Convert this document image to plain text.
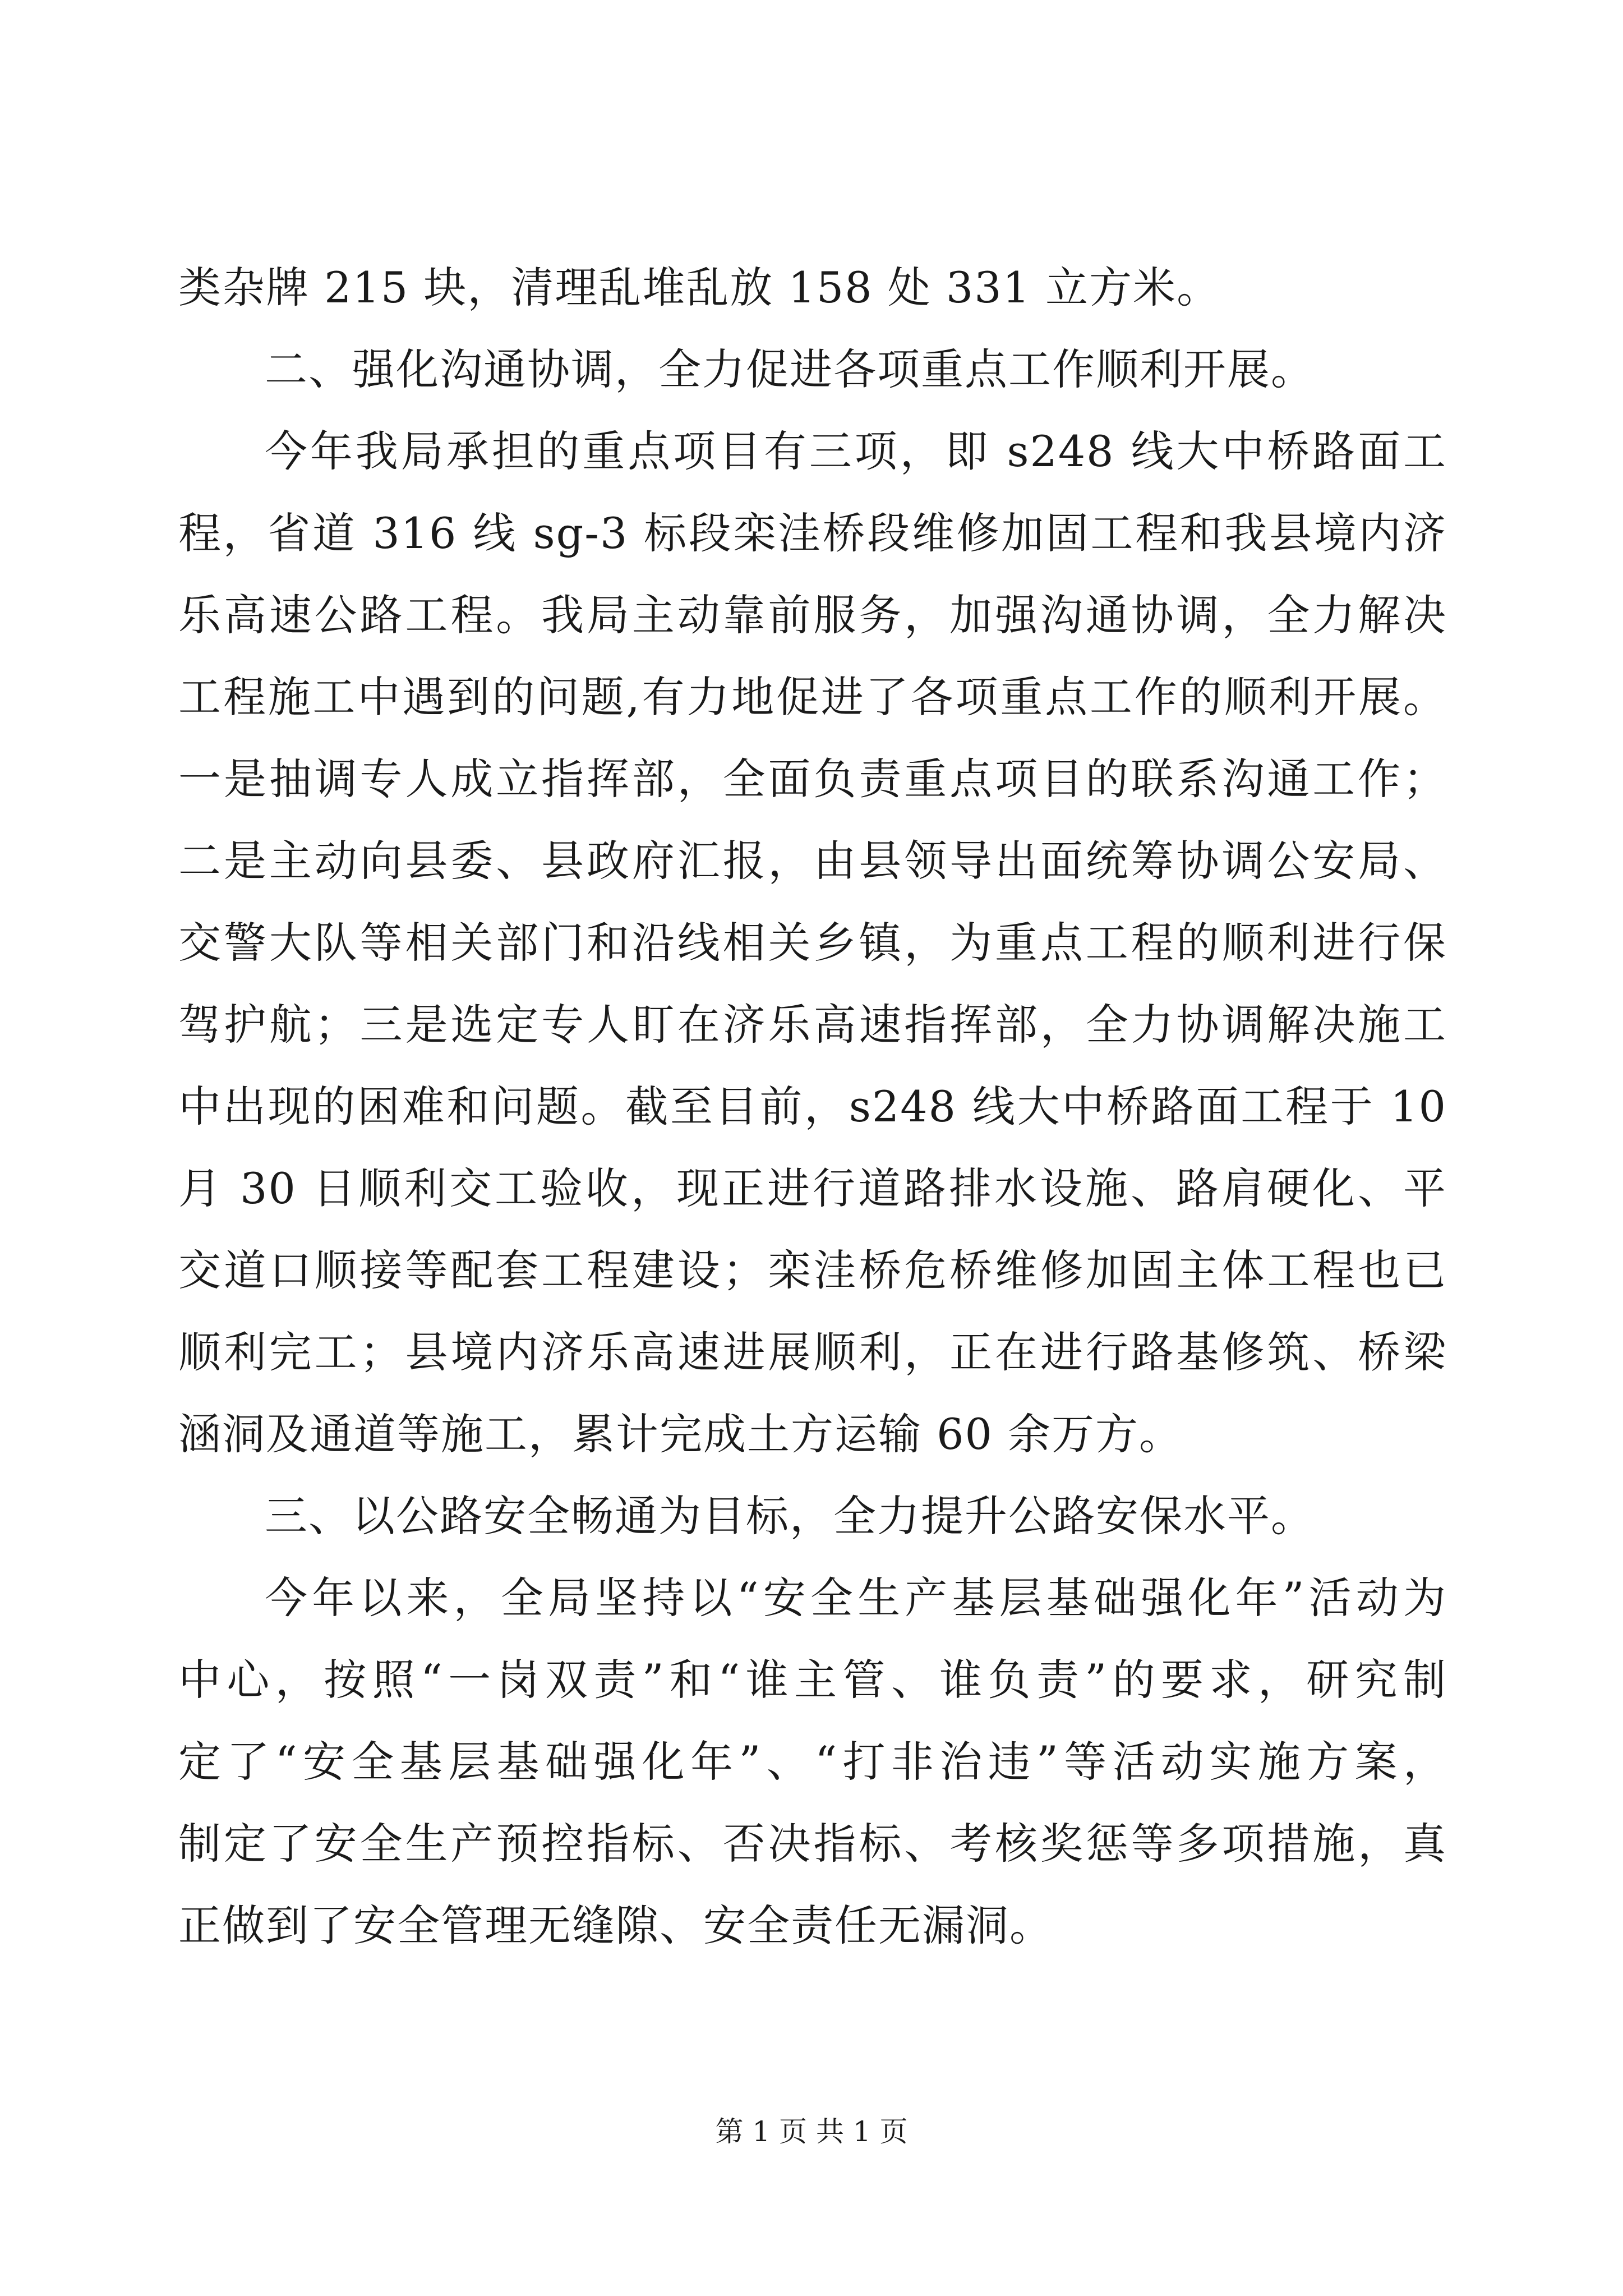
类杂牌 215 块，清理乱堆乱放 158 处 331 立方米。
二、强化沟通协调，全力促进各项重点工作顺利开展。
今年我局承担的重点项目有三项，即 s248 线大中桥路面工
程，省道 316 线 sg-3 标段栾洼桥段维修加固工程和我县境内济
乐高速公路工程。我局主动靠前服务，加强沟通协调，全力解决
工程施工中遇到的问题,有力地促进了各项重点工作的顺利开展。
一是抽调专人成立指挥部，全面负责重点项目的联系沟通工作；
二是主动向县委、县政府汇报，由县领导出面统筹协调公安局、
交警大队等相关部门和沿线相关乡镇，为重点工程的顺利进行保
驾护航；三是选定专人盯在济乐高速指挥部，全力协调解决施工
中出现的困难和问题。截至目前，s248 线大中桥路面工程于 10
月 30 日顺利交工验收，现正进行道路排水设施、路肩硬化、平
交道口顺接等配套工程建设；栾洼桥危桥维修加固主体工程也已
顺利完工；县境内济乐高速进展顺利，正在进行路基修筑、桥梁
涵洞及通道等施工，累计完成土方运输 60 余万方。
三、以公路安全畅通为目标，全力提升公路安保水平。
今年以来，全局坚持以“安全生产基层基础强化年”活动为
中心，按照“一岗双责”和“谁主管、谁负责”的要求，研究制
定了“安全基层基础强化年”、“打非治违”等活动实施方案，
制定了安全生产预控指标、否决指标、考核奖惩等多项措施，真
正做到了安全管理无缝隙、安全责任无漏洞。
第 1 页 共 1 页
